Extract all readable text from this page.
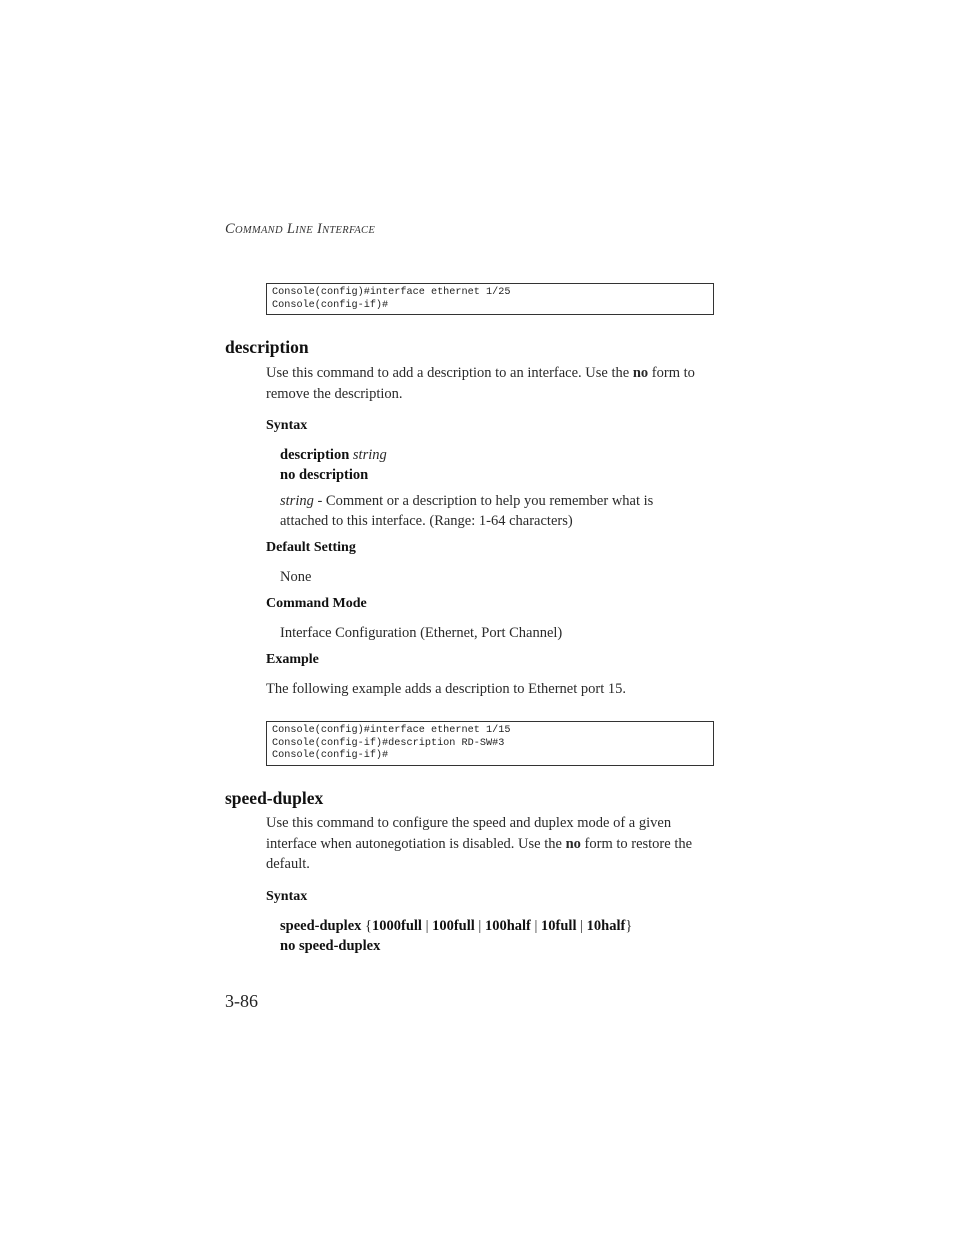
COMMAND LINE INTERFACE
Console(config)#interface ethernet 1/25
Console(config-if)#
description
Use this command to add a description to an interface. Use the no form to remove the description.
Syntax
description string
no description
string - Comment or a description to help you remember what is attached to this interface. (Range: 1-64 characters)
Default Setting
None
Command Mode
Interface Configuration (Ethernet, Port Channel)
Example
The following example adds a description to Ethernet port 15.
Console(config)#interface ethernet 1/15
Console(config-if)#description RD-SW#3
Console(config-if)#
speed-duplex
Use this command to configure the speed and duplex mode of a given interface when autonegotiation is disabled. Use the no form to restore the default.
Syntax
speed-duplex {1000full | 100full | 100half | 10full | 10half}
no speed-duplex
3-86
